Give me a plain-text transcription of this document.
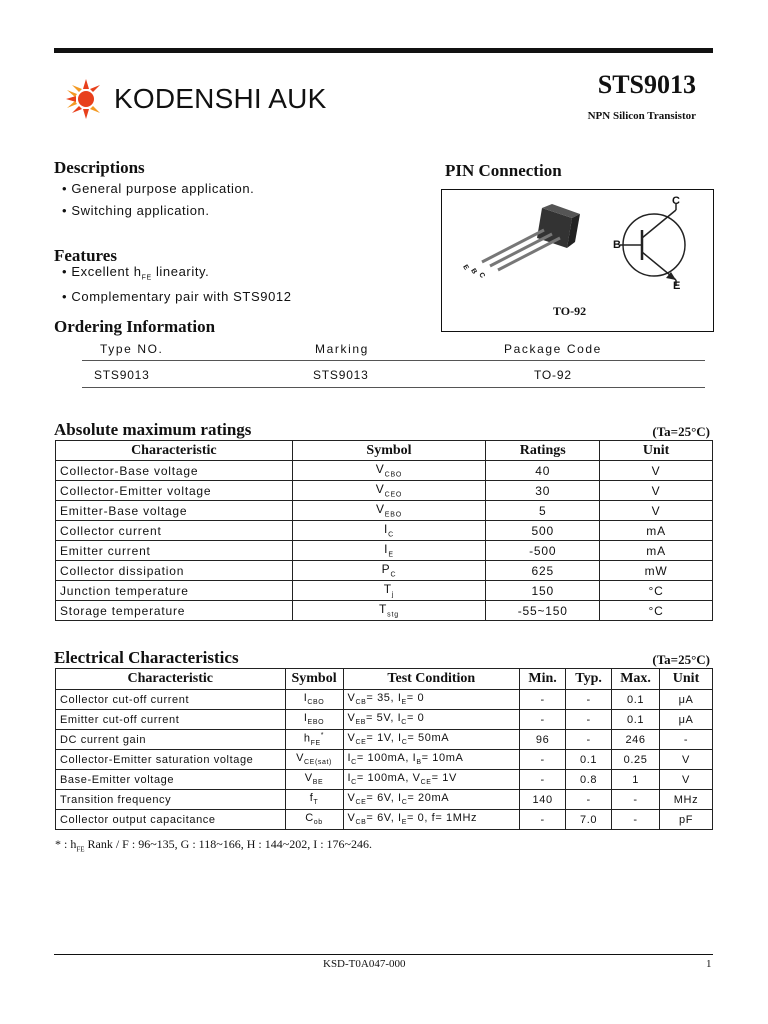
KODENSHI AUK	STS9013
NPN Silicon Transistor
Descriptions
• General purpose application.
• Switching application.
Features
• Excellent $h_{FE}$ linearity.
• Complementary pair with STS9012
PIN Connection
C
B
E
E B C
TO-92
Ordering Information
Type NO.	Marking	Package Code
STS9013	STS9013	TO-92
Absolute maximum ratings	(Ta=25°C)
Characteristic	Symbol	Ratings	Unit
Collector-Base voltage	$V_{CBO}$	40	V
Collector-Emitter voltage	$V_{CEO}$	30	V
Emitter-Base voltage	$V_{EBO}$	5	V
Collector current	$I_C$	500	mA
Emitter current	$I_E$	-500	mA
Collector dissipation	$P_C$	625	mW
Junction temperature	$T_j$	150	°C
Storage temperature	$T_{stg}$	-55~150	°C
Electrical Characteristics	(Ta=25°C)
Characteristic	Symbol	Test Condition	Min.	Typ.	Max.	Unit
Collector cut-off current	$I_{CBO}$	$V_{CB}= 35$, $I_E= 0$	-	-	0.1	μA
Emitter cut-off current	$I_{EBO}$	$V_{EB}= 5V$, $I_C= 0$	-	-	0.1	μA
DC current gain	$h_{FE}^*$	$V_{CE}= 1V$, $I_C= 50mA$	96	-	246	-
Collector-Emitter saturation voltage	$V_{CE(sat)}$	$I_C= 100mA$, $I_B= 10mA$	-	0.1	0.25	V
Base-Emitter voltage	$V_{BE}$	$I_C= 100mA$, $V_{CE}= 1V$	-	0.8	1	V
Transition frequency	$f_T$	$V_{CE}= 6V$, $I_C= 20mA$	140	-	-	MHz
Collector output capacitance	$C_{ob}$	$V_{CB}= 6V$, $I_E= 0$, f= 1MHz	-	7.0	-	pF
* : $h_{FE}$ Rank / F : 96~135, G : 118~166, H : 144~202, I : 176~246.
KSD-T0A047-000	1
